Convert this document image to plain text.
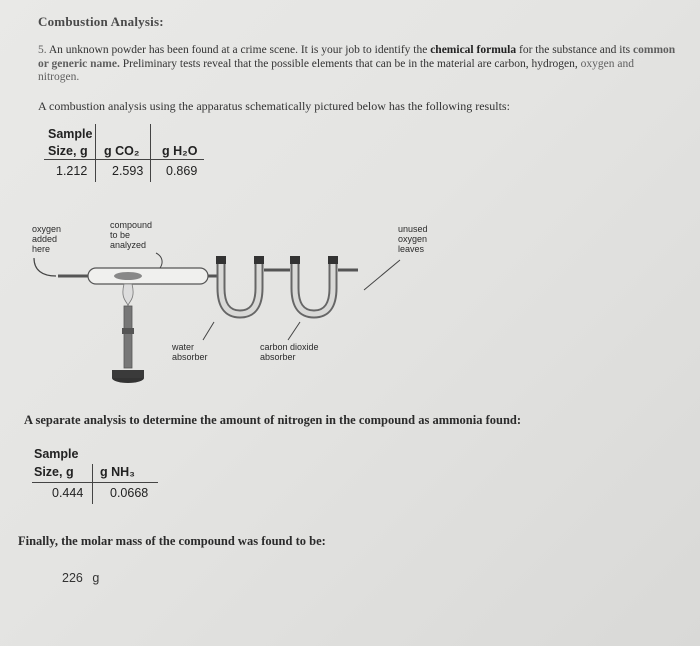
Combustion Analysis:
5. An unknown powder has been found at a crime scene. It is your job to identify the chemical formula for the substance and its common or generic name. Preliminary tests reveal that the possible elements that can be in the material are carbon, hydrogen, oxygen and nitrogen.
A combustion analysis using the apparatus schematically pictured below has the following results:
Sample
Size, g g CO₂ g H₂O
1.212 2.593 0.869
oxygen
added
here
compound
to be
analyzed
unused
oxygen
leaves
water
absorber
carbon dioxide
absorber
A separate analysis to determine the amount of nitrogen in the compound as ammonia found:
Sample
Size, g g NH₃
0.444 0.0668
Finally, the molar mass of the compound was found to be:
226 g
